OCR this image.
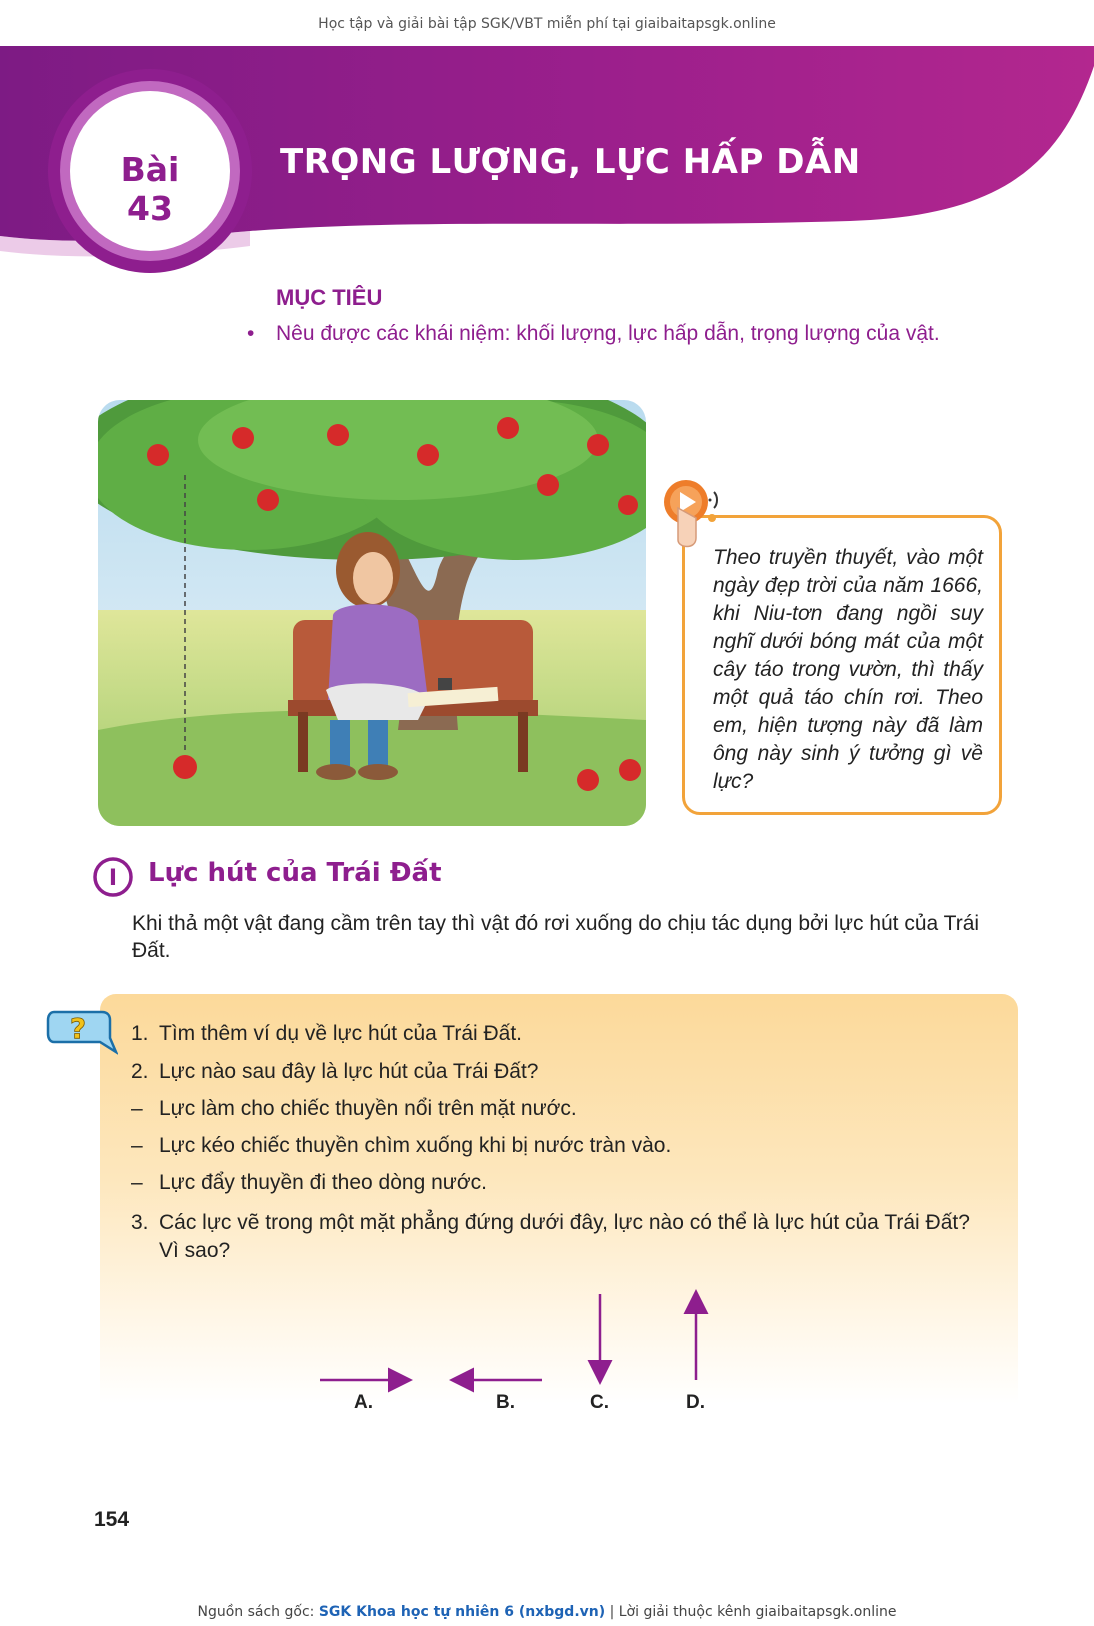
Học tập và giải bài tập SGK/VBT miễn phí tại giaibaitapsgk.online
Bài 43
TRỌNG LƯỢNG, LỰC HẤP DẪN
MỤC TIÊU
• Nêu được các khái niệm: khối lượng, lực hấp dẫn, trọng lượng của vật.
Theo truyền thuyết, vào một ngày đẹp trời của năm 1666, khi Niu-tơn đang ngồi suy nghĩ dưới bóng mát của một cây táo trong vườn, thì thấy một quả táo chín rơi. Theo em, hiện tượng này đã làm ông này sinh ý tưởng gì về lực?
I Lực hút của Trái Đất
Khi thả một vật đang cầm trên tay thì vật đó rơi xuống do chịu tác dụng bởi lực hút của Trái Đất.
? 1. Tìm thêm ví dụ về lực hút của Trái Đất.
2. Lực nào sau đây là lực hút của Trái Đất?
– Lực làm cho chiếc thuyền nổi trên mặt nước.
– Lực kéo chiếc thuyền chìm xuống khi bị nước tràn vào.
– Lực đẩy thuyền đi theo dòng nước.
3. Các lực vẽ trong một mặt phẳng đứng dưới đây, lực nào có thể là lực hút của Trái Đất?
Vì sao?
A.	B.	C.	D.
154
Nguồn sách gốc: SGK Khoa học tự nhiên 6 (nxbgd.vn) | Lời giải thuộc kênh giaibaitapsgk.online
